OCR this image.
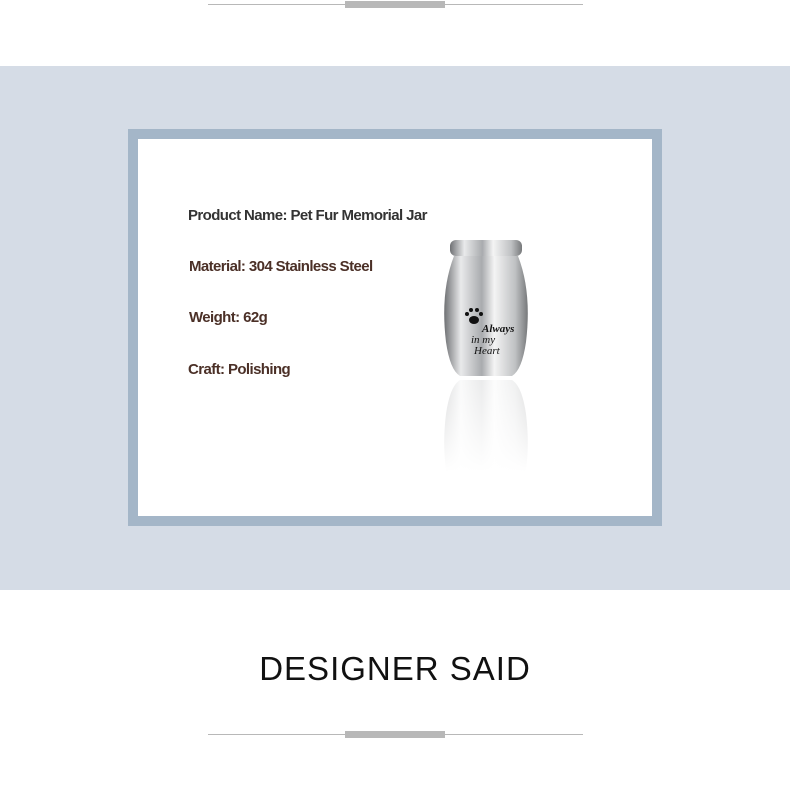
Product Name: Pet Fur Memorial Jar
Material: 304 Stainless Steel
Weight: 62g
Craft: Polishing
Always
in my
Heart
DESIGNER SAID
